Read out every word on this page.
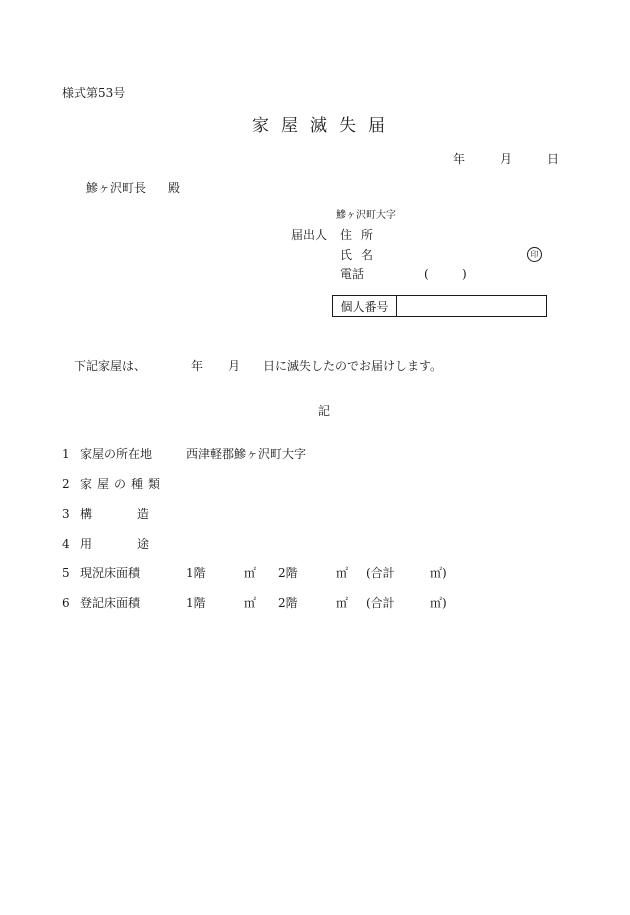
様式第53号
家屋滅失届
年	月	日
鰺ヶ沢町長 殿
鰺ヶ沢町大字
届出人 住所
氏名	印
電話	(	)
個人番号
下記家屋は、	年 月 日に滅失したのでお届けします。
記
1 家屋の所在地	西津軽郡鰺ヶ沢町大字
2 家屋の種類
3 構	造
4 用	途
5 現況床面積	1階	㎡ 2階	㎡ (合計	㎡)
6 登記床面積	1階	㎡ 2階	㎡ (合計	㎡)
